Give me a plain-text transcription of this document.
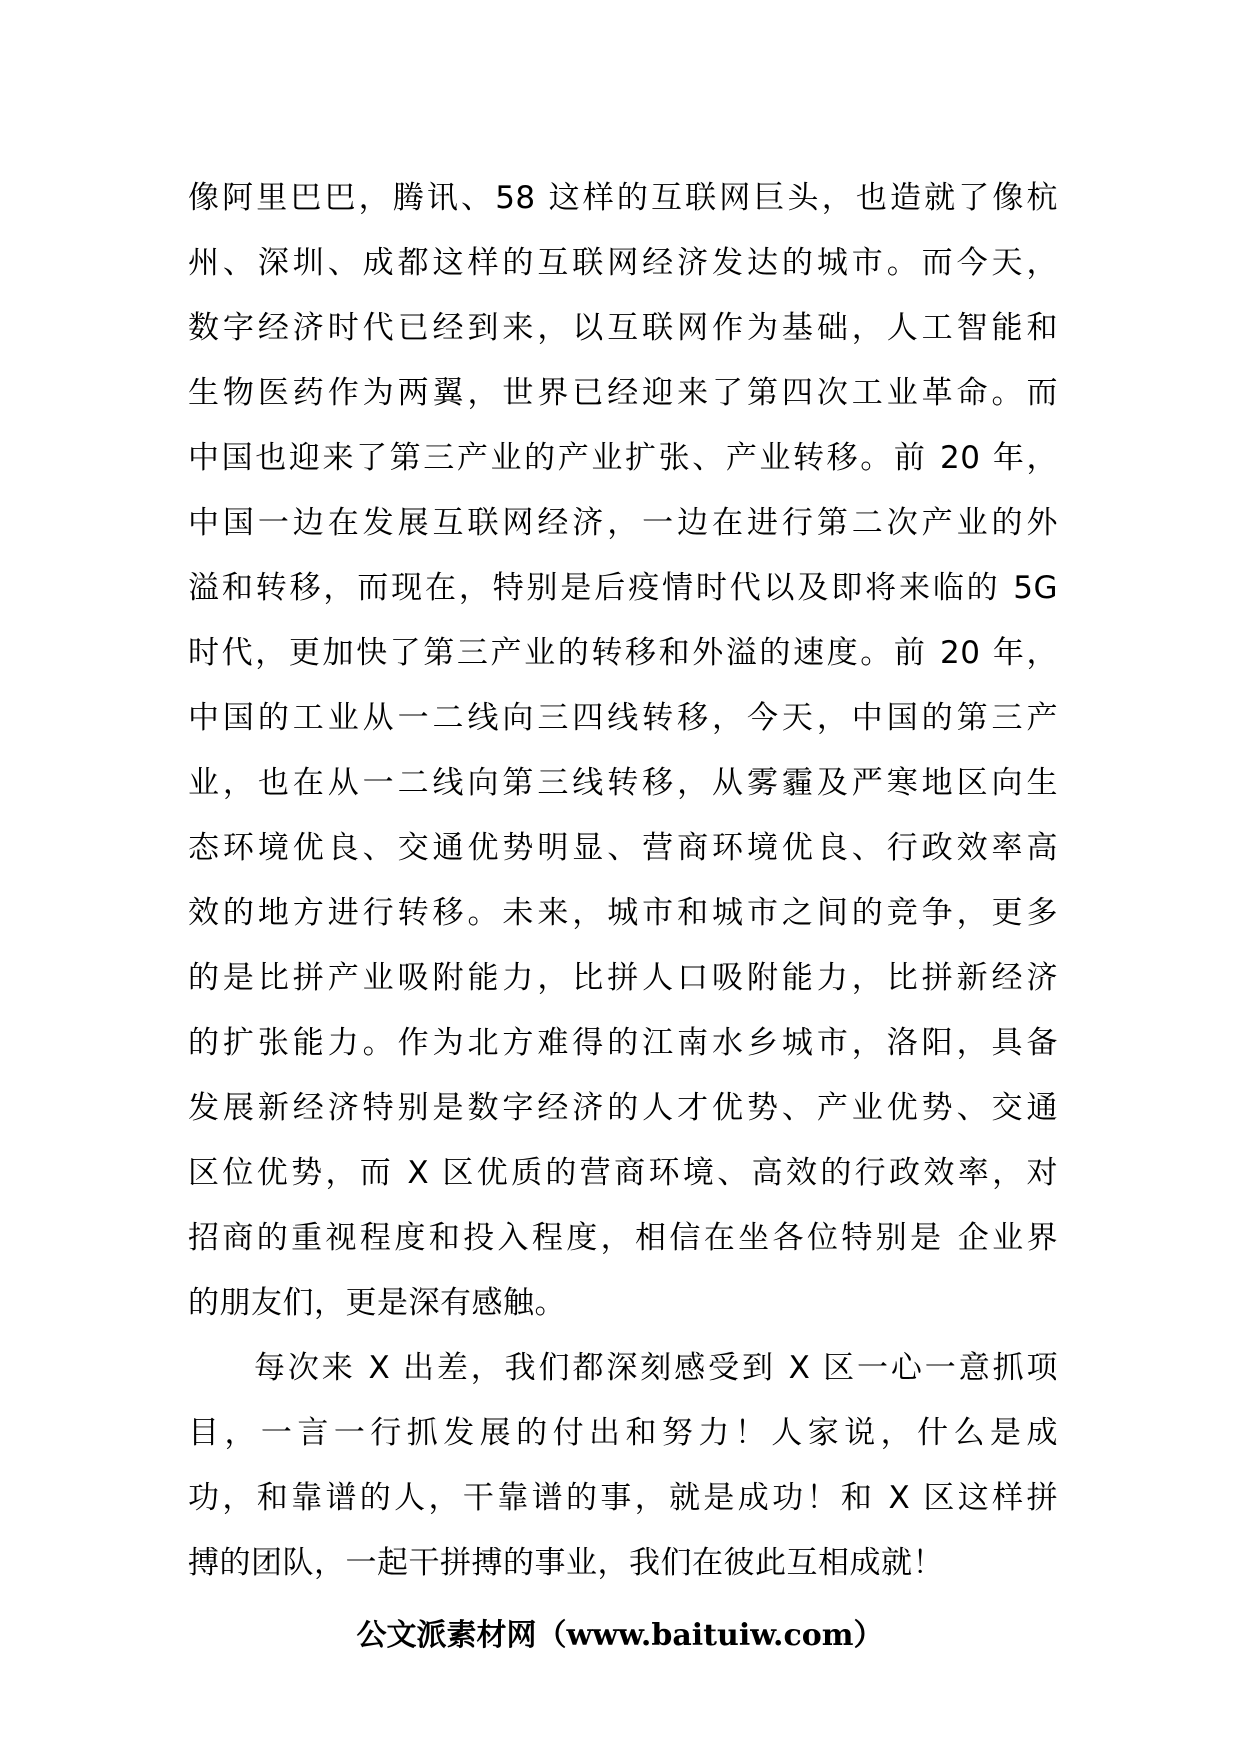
像阿里巴巴，腾讯、58 这样的互联网巨头，也造就了像杭
州、深圳、成都这样的互联网经济发达的城市。而今天，
数字经济时代已经到来，以互联网作为基础，人工智能和
生物医药作为两翼，世界已经迎来了第四次工业革命。而
中国也迎来了第三产业的产业扩张、产业转移。前 20 年，
中国一边在发展互联网经济，一边在进行第二次产业的外
溢和转移，而现在，特别是后疫情时代以及即将来临的 5G
时代，更加快了第三产业的转移和外溢的速度。前 20 年，
中国的工业从一二线向三四线转移，今天，中国的第三产
业，也在从一二线向第三线转移，从雾霾及严寒地区向生
态环境优良、交通优势明显、营商环境优良、行政效率高
效的地方进行转移。未来，城市和城市之间的竞争，更多
的是比拼产业吸附能力，比拼人口吸附能力，比拼新经济
的扩张能力。作为北方难得的江南水乡城市，洛阳，具备
发展新经济特别是数字经济的人才优势、产业优势、交通
区位优势，而 X 区优质的营商环境、高效的行政效率，对
招商的重视程度和投入程度，相信在坐各位特别是 企业界
的朋友们，更是深有感触。
每次来 X 出差，我们都深刻感受到 X 区一心一意抓项
目，一言一行抓发展的付出和努力！人家说，什么是成
功，和靠谱的人，干靠谱的事，就是成功！和 X 区这样拼
搏的团队，一起干拼搏的事业，我们在彼此互相成就！
公文派素材网（www.baituiw.com）
